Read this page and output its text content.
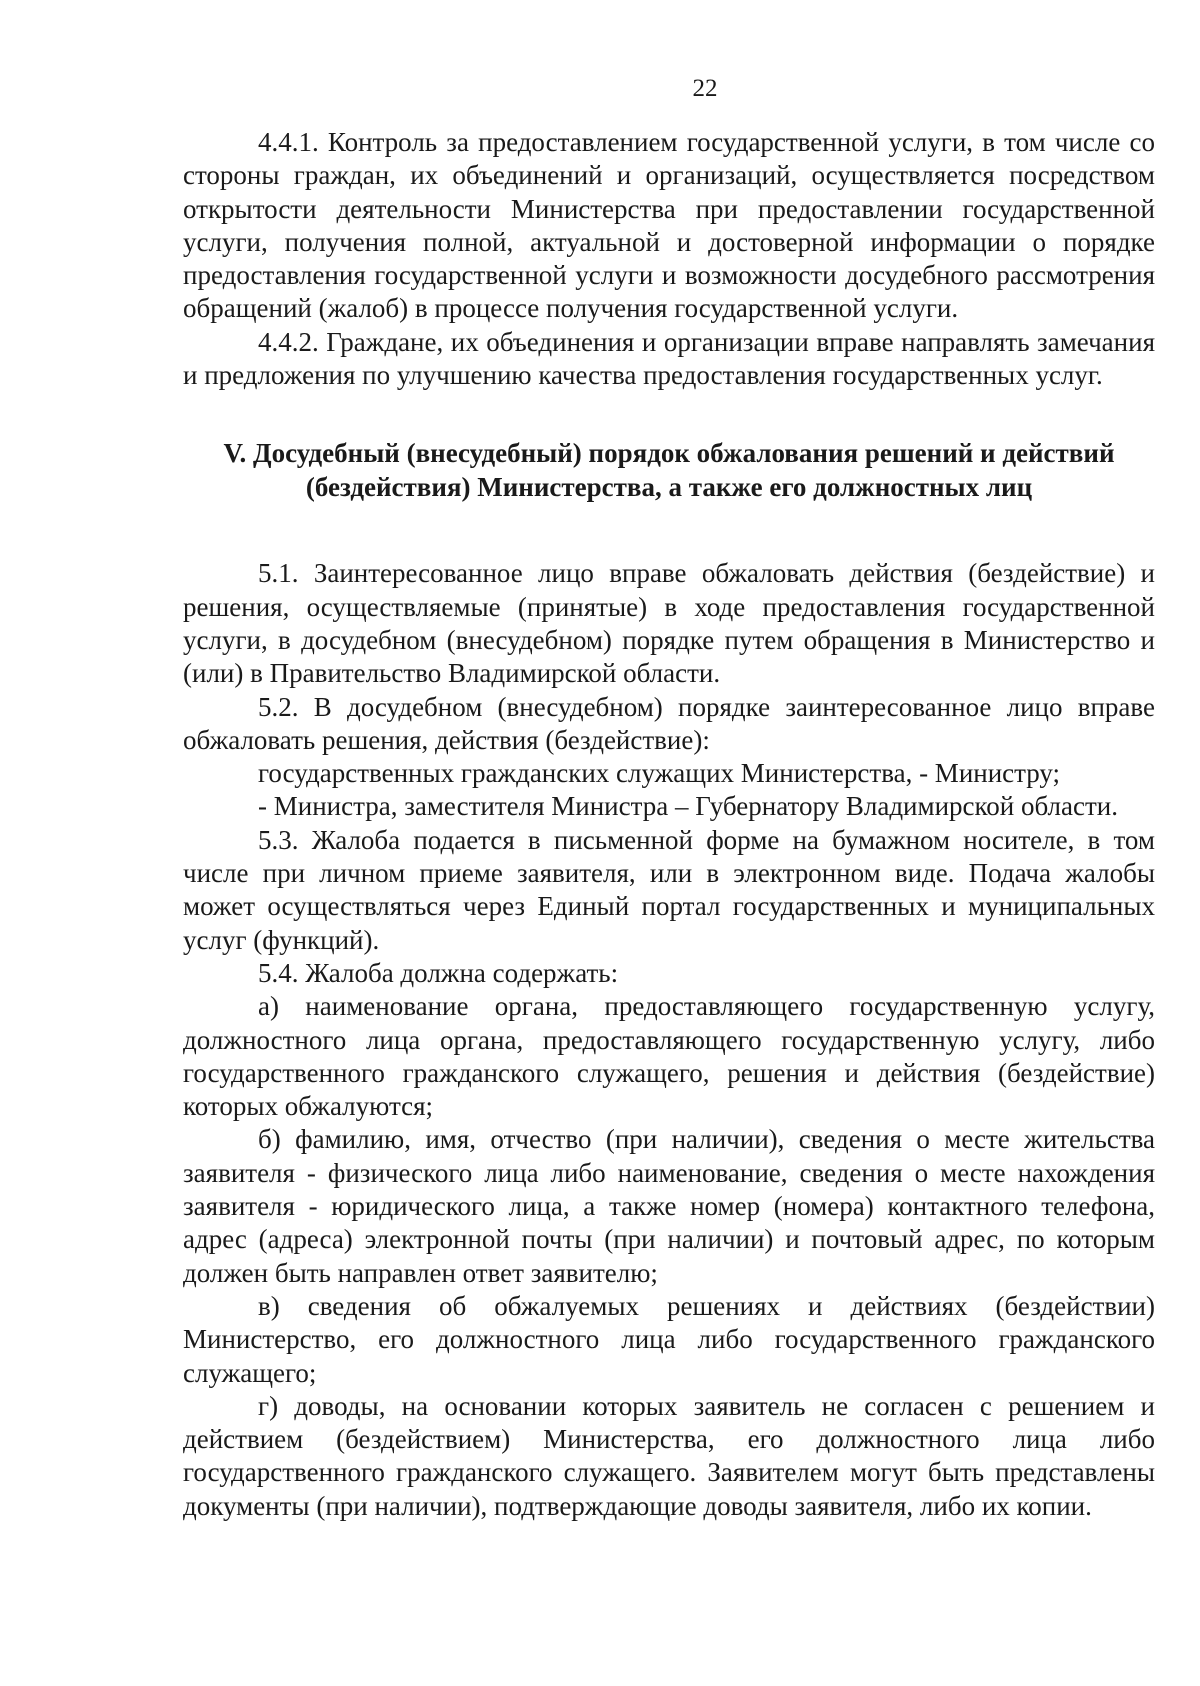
22

4.4.1. Контроль за предоставлением государственной услуги, в том числе со стороны граждан, их объединений и организаций, осуществляется посредством открытости деятельности Министерства при предоставлении государственной услуги, получения полной, актуальной и достоверной информации о порядке предоставления государственной услуги и возможности досудебного рассмотрения обращений (жалоб) в процессе получения государственной услуги.

4.4.2. Граждане, их объединения и организации вправе направлять замечания и предложения по улучшению качества предоставления государственных услуг.

V. Досудебный (внесудебный) порядок обжалования решений и действий
(бездействия) Министерства, а также его должностных лиц

5.1. Заинтересованное лицо вправе обжаловать действия (бездействие) и решения, осуществляемые (принятые) в ходе предоставления государственной услуги, в досудебном (внесудебном) порядке путем обращения в Министерство и (или) в Правительство Владимирской области.

5.2. В досудебном (внесудебном) порядке заинтересованное лицо вправе обжаловать решения, действия (бездействие):

государственных гражданских служащих Министерства, - Министру;

- Министра, заместителя Министра – Губернатору Владимирской области.

5.3. Жалоба подается в письменной форме на бумажном носителе, в том числе при личном приеме заявителя, или в электронном виде. Подача жалобы может осуществляться через Единый портал государственных и муниципальных услуг (функций).

5.4. Жалоба должна содержать:

а) наименование органа, предоставляющего государственную услугу, должностного лица органа, предоставляющего государственную услугу, либо государственного гражданского служащего, решения и действия (бездействие) которых обжалуются;

б) фамилию, имя, отчество (при наличии), сведения о месте жительства заявителя - физического лица либо наименование, сведения о месте нахождения заявителя - юридического лица, а также номер (номера) контактного телефона, адрес (адреса) электронной почты (при наличии) и почтовый адрес, по которым должен быть направлен ответ заявителю;

в) сведения об обжалуемых решениях и действиях (бездействии) Министерство, его должностного лица либо государственного гражданского служащего;

г) доводы, на основании которых заявитель не согласен с решением и действием (бездействием) Министерства, его должностного лица либо государственного гражданского служащего. Заявителем могут быть представлены документы (при наличии), подтверждающие доводы заявителя, либо их копии.
